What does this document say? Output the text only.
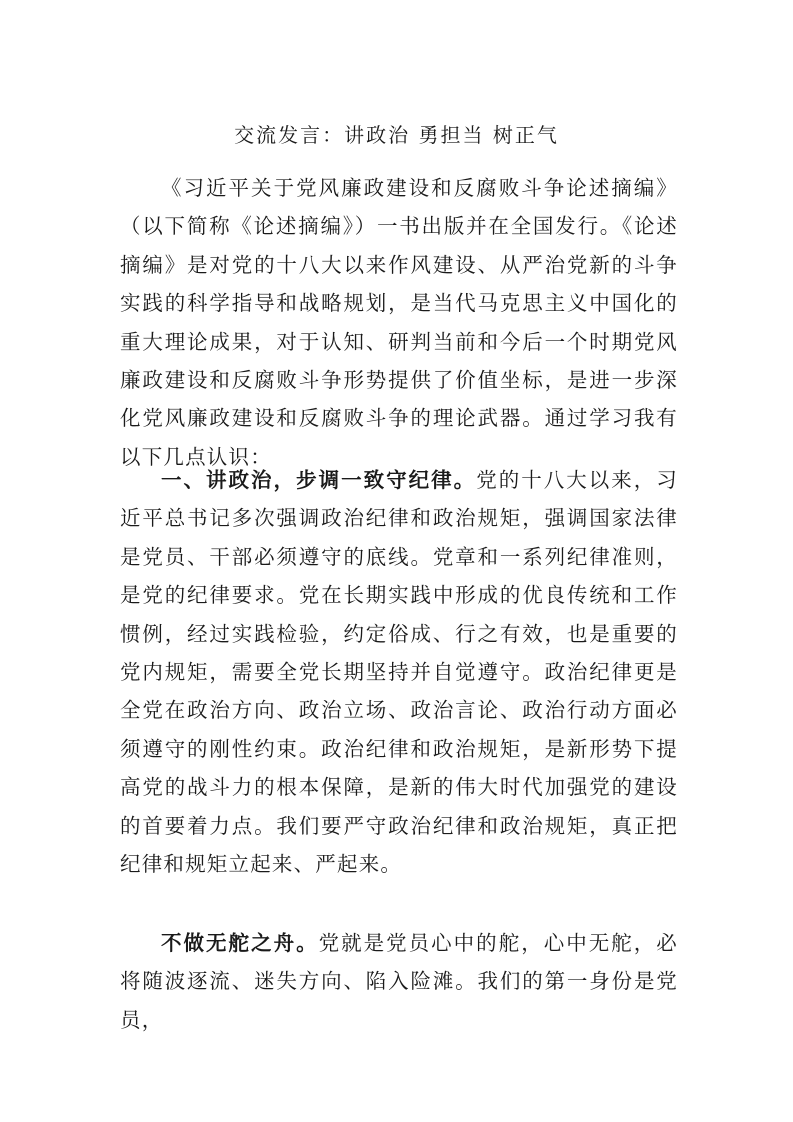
交流发言：讲政治 勇担当 树正气

《习近平关于党风廉政建设和反腐败斗争论述摘编》（以下简称《论述摘编》）一书出版并在全国发行。《论述摘编》是对党的十八大以来作风建设、从严治党新的斗争实践的科学指导和战略规划，是当代马克思主义中国化的重大理论成果，对于认知、研判当前和今后一个时期党风廉政建设和反腐败斗争形势提供了价值坐标，是进一步深化党风廉政建设和反腐败斗争的理论武器。通过学习我有以下几点认识：

一、讲政治，步调一致守纪律。党的十八大以来，习近平总书记多次强调政治纪律和政治规矩，强调国家法律是党员、干部必须遵守的底线。党章和一系列纪律准则，是党的纪律要求。党在长期实践中形成的优良传统和工作惯例，经过实践检验，约定俗成、行之有效，也是重要的党内规矩，需要全党长期坚持并自觉遵守。政治纪律更是全党在政治方向、政治立场、政治言论、政治行动方面必须遵守的刚性约束。政治纪律和政治规矩，是新形势下提高党的战斗力的根本保障，是新的伟大时代加强党的建设的首要着力点。我们要严守政治纪律和政治规矩，真正把纪律和规矩立起来、严起来。

不做无舵之舟。党就是党员心中的舵，心中无舵，必将随波逐流、迷失方向、陷入险滩。我们的第一身份是党员，
